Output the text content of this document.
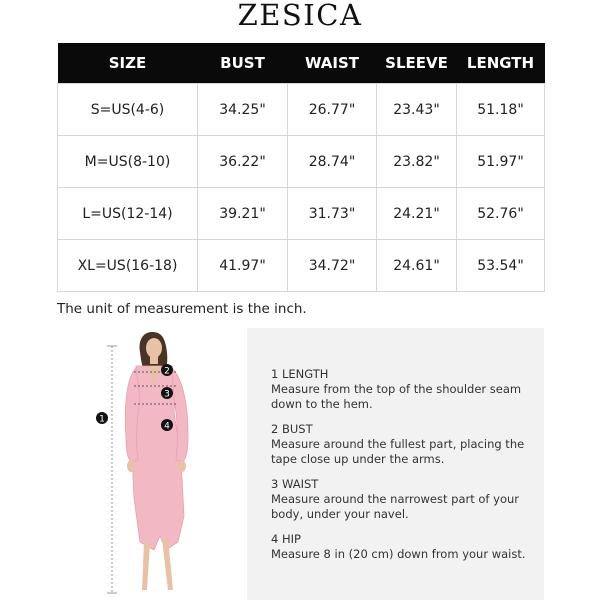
ZESICA
SIZE	BUST	WAIST	SLEEVE	LENGTH
S=US(4-6)	34.25"	26.77"	23.43"	51.18"
M=US(8-10)	36.22"	28.74"	23.82"	51.97"
L=US(12-14)	39.21"	31.73"	24.21"	52.76"
XL=US(16-18)	41.97"	34.72"	24.61"	53.54"
The unit of measurement is the inch.
1
2
3
4
1 LENGTH
Measure from the top of the shoulder seam down to the hem.
2 BUST
Measure around the fullest part, placing the tape close up under the arms.
3 WAIST
Measure around the narrowest part of your body, under your navel.
4 HIP
Measure 8 in (20 cm) down from your waist.
